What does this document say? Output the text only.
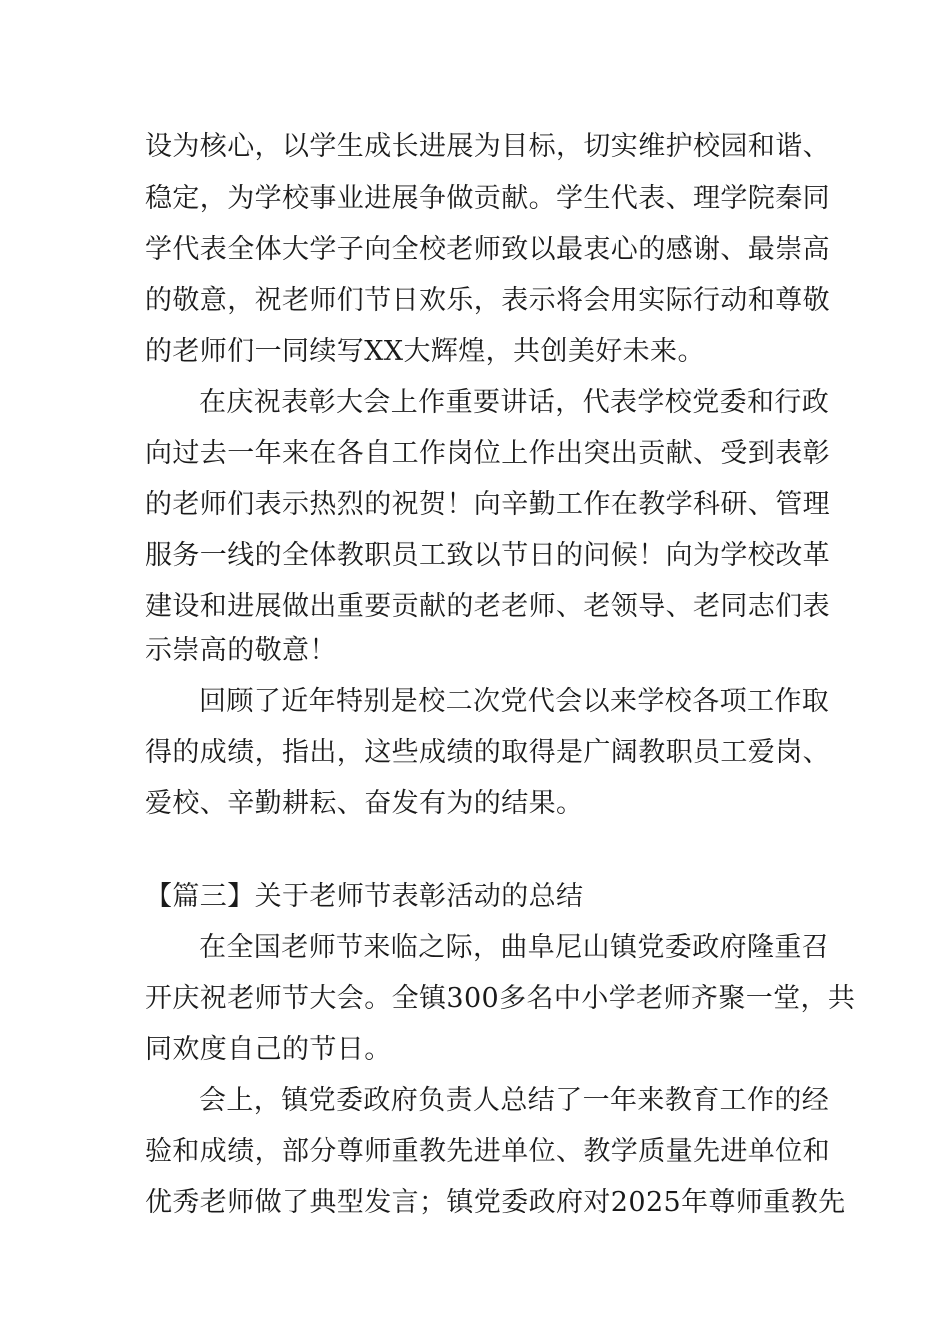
设为核心，以学生成长进展为目标，切实维护校园和谐、
稳定，为学校事业进展争做贡献。学生代表、理学院秦同
学代表全体大学子向全校老师致以最衷心的感谢、最崇高
的敬意，祝老师们节日欢乐，表示将会用实际行动和尊敬
的老师们一同续写XX大辉煌，共创美好未来。
在庆祝表彰大会上作重要讲话，代表学校党委和行政
向过去一年来在各自工作岗位上作出突出贡献、受到表彰
的老师们表示热烈的祝贺！向辛勤工作在教学科研、管理
服务一线的全体教职员工致以节日的问候！向为学校改革
建设和进展做出重要贡献的老老师、老领导、老同志们表
示崇高的敬意！
回顾了近年特别是校二次党代会以来学校各项工作取
得的成绩，指出，这些成绩的取得是广阔教职员工爱岗、
爱校、辛勤耕耘、奋发有为的结果。
【篇三】关于老师节表彰活动的总结
在全国老师节来临之际，曲阜尼山镇党委政府隆重召
开庆祝老师节大会。全镇300多名中小学老师齐聚一堂，共
同欢度自己的节日。
会上，镇党委政府负责人总结了一年来教育工作的经
验和成绩，部分尊师重教先进单位、教学质量先进单位和
优秀老师做了典型发言；镇党委政府对2025年尊师重教先
